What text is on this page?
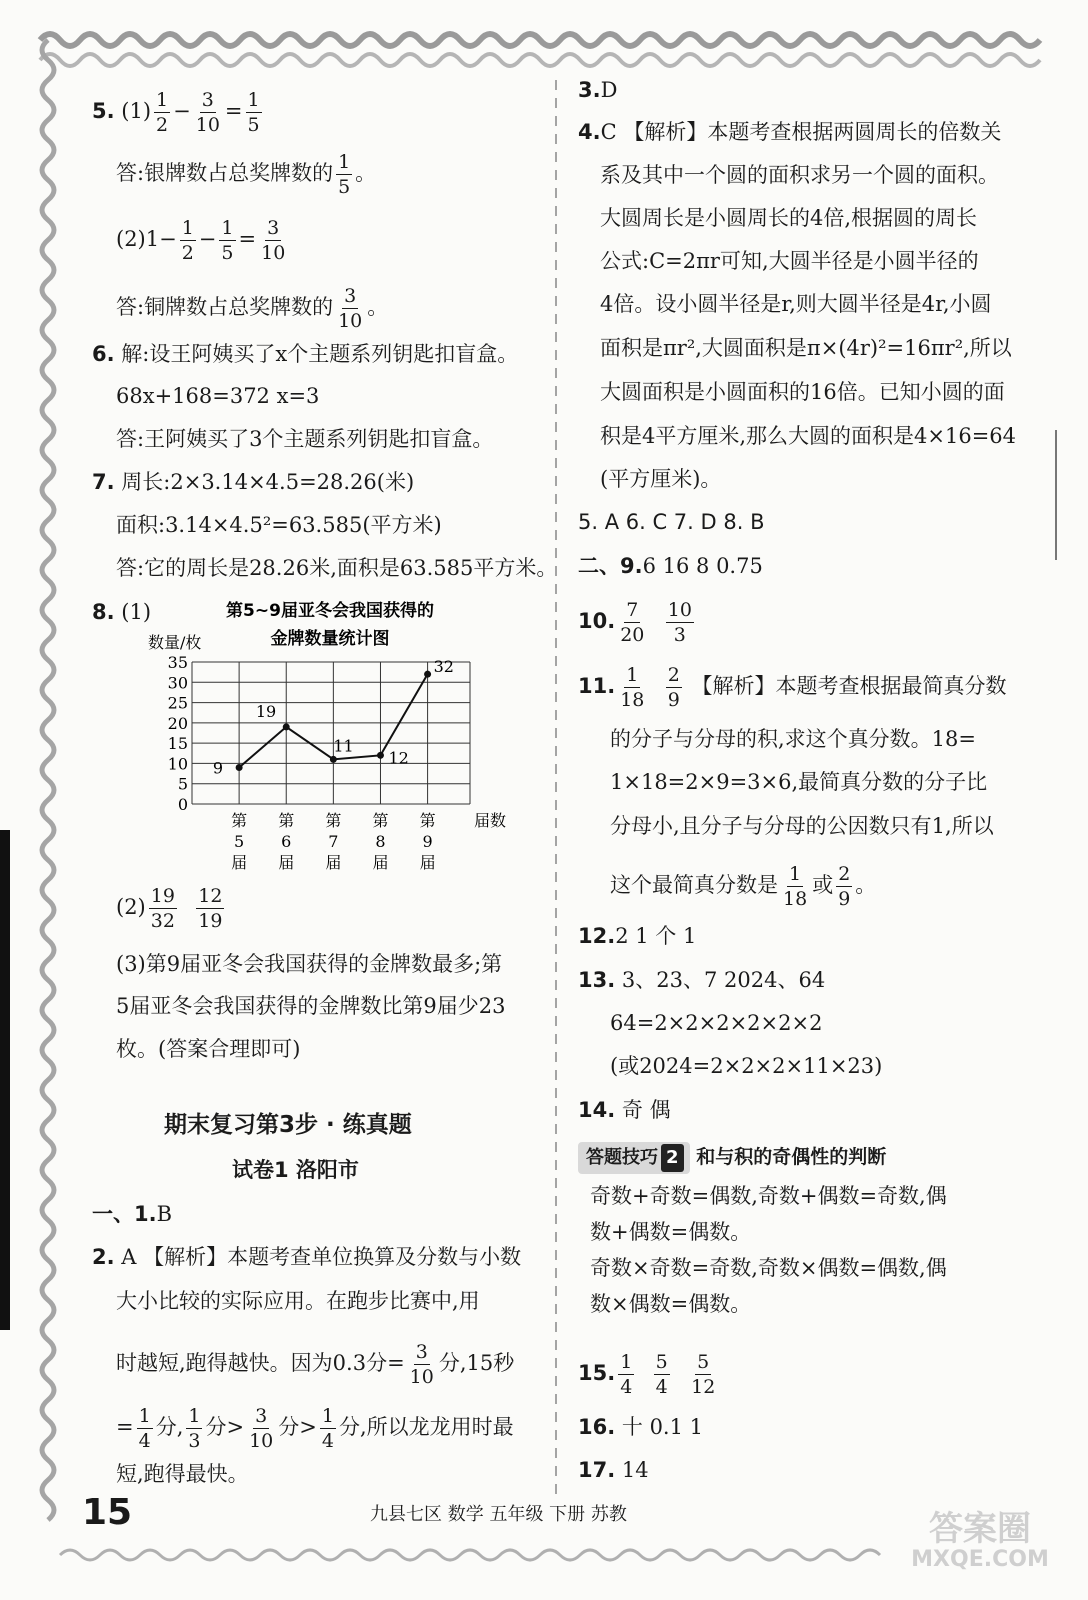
5. $(1) \frac{1}{2} - \frac{3}{10} = \frac{1}{5}$
答:银牌数占总奖牌数的 $\frac{1}{5}$ 。
$(2)1- \frac{1}{2} - \frac{1}{5} = \frac{3}{10}$
答:铜牌数占总奖牌数的 $\frac{3}{10}$ 。
6. 解:设王阿姨买了x个主题系列钥匙扣盲盒。
68x+168=372 x=3
答:王阿姨买了3个主题系列钥匙扣盲盒。
7. 周长:2×3.14×4.5=28.26(米)
面积:3.14×4.5²=63.585(平方米)
答:它的周长是28.26米,面积是63.585平方米。
8. (1)	第5~9届亚冬会我国获得的
金牌数量统计图
数量/枚
0
5
10
15
20
25
30
35
第
5
届
第
6
届
第
7
届
第
8
届
第
9
届
届数
9
19
11
12
32
$(2) \frac{19}{32}$
$\frac{12}{19}$
(3)第9届亚冬会我国获得的金牌数最多;第
5届亚冬会我国获得的金牌数比第9届少23
枚。(答案合理即可)
期末复习第3步 · 练真题
试卷1 洛阳市
一、1.B
2. A 【解析】本题考查单位换算及分数与小数
大小比较的实际应用。在跑步比赛中,用
时越短,跑得越快。因为0.3分= $\frac{3}{10}$ 分,15秒
= $\frac{1}{4}$ 分, $\frac{1}{3}$ 分> $\frac{3}{10}$ 分> $\frac{1}{4}$ 分,所以龙龙用时最
短,跑得最快。
3.D
4.C 【解析】本题考查根据两圆周长的倍数关
系及其中一个圆的面积求另一个圆的面积。
大圆周长是小圆周长的4倍,根据圆的周长
公式:C=2πr可知,大圆半径是小圆半径的
4倍。设小圆半径是r,则大圆半径是4r,小圆
面积是πr²,大圆面积是π×(4r)²=16πr²,所以
大圆面积是小圆面积的16倍。已知小圆的面
积是4平方厘米,那么大圆的面积是4×16=64
(平方厘米)。
5. A 6. C 7. D 8. B
二、9.6 16 8 0.75
10. $\frac{7}{20}$
$\frac{10}{3}$
11. $\frac{1}{18}$
$\frac{2}{9}$ 【解析】本题考查根据最简真分数
的分子与分母的积,求这个真分数。18=
1×18=2×9=3×6,最简真分数的分子比
分母小,且分子与分母的公因数只有1,所以
这个最简真分数是 $\frac{1}{18}$ 或 $\frac{2}{9}$ 。
12.2 1 个 1
13. 3、23、7 2024、64
64=2×2×2×2×2×2
(或2024=2×2×2×11×23)
14. 奇 偶
答题技巧 2 和与积的奇偶性的判断
奇数+奇数=偶数,奇数+偶数=奇数,偶
数+偶数=偶数。
奇数×奇数=奇数,奇数×偶数=偶数,偶
数×偶数=偶数。
15. $\frac{1}{4}$
$\frac{5}{4}$
$\frac{5}{12}$
16. 十 0.1 1
17. 14
15	九县七区 数学 五年级 下册 苏教	答案圈
MXQE.COM
